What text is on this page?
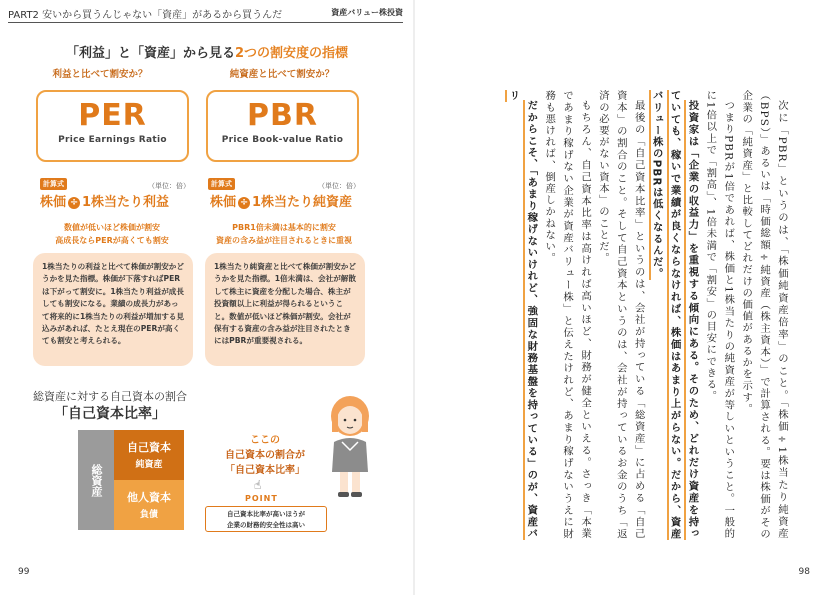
PART2 安いから買うんじゃない「資産」があるから買うんだ	資産バリュー株投資
「利益」と「資産」から見る2つの割安度の指標
利益と比べて割安か？
PER
Price Earnings Ratio
計算式	（単位：倍）
株価 ÷ 1株当たり利益
数値が低いほど株価が割安
高成長ならPERが高くても割安
1株当たりの利益と比べて株価が割安かどうかを見た指標。株価が下落すればPERは下がって割安に。1株当たり利益が成長しても割安になる。業績の成長力があって将来的に1株当たりの利益が増加する見込みがあれば、たとえ現在のPERが高くても割安と考えられる。
純資産と比べて割安か？
PBR
Price Book-value Ratio
計算式	（単位：倍）
株価 ÷ 1株当たり純資産
PBR1倍未満は基本的に割安
資産の含み益が注目されるときに重視
1株当たり純資産と比べて株価が割安かどうかを見た指標。1倍未満は、会社が解散して株主に資産を分配した場合、株主が投資額以上に利益が得られるということ。数値が低いほど株価が割安。会社が保有する資産の含み益が注目されたときにはPBRが重要視される。
総資産に対する自己資本の割合
「自己資本比率」
総資産
自己資本
純資産
他人資本
負債
ここの
自己資本の割合が
「自己資本比率」
☝
POINT
自己資本比率が高いほうが
企業の財務的安全性は高い
99	98

次に「PBR」というのは、「株価純資産倍率」のこと。「株価÷1株当たり純資産（BPS）」あるいは「時価総額÷純資産（株主資本）」で計算される。要は株価がその企業の「純資産」と比較してどれだけの価値があるかを示す。

つまりPBRが1倍であれば、株価と1株当たりの純資産が等しいということ。一般的に1倍以上で「割高」、1倍未満で「割安」の目安にできる。

投資家は「企業の収益力」を重視する傾向にある。そのため、どれだけ資産を持っていても、稼いで業績が良くならなければ、株価はあまり上がらない。だから、資産バリュー株のPBRは低くなるんだ。

最後の「自己資本比率」というのは、会社が持っている「総資産」に占める「自己資本」の割合のこと。そして自己資本というのは、会社が持っているお金のうち「返済の必要がない資本」のことだ。

もちろん、自己資本比率は高ければ高いほど、財務が健全といえる。さっき「本業であまり稼げない企業が資産バリュー株」と伝えたけれど、あまり稼げないうえに財務も悪ければ、倒産しかねない。

だからこそ、「あまり稼げないけれど、強固な財務基盤を持っている」のが、資産バリ
